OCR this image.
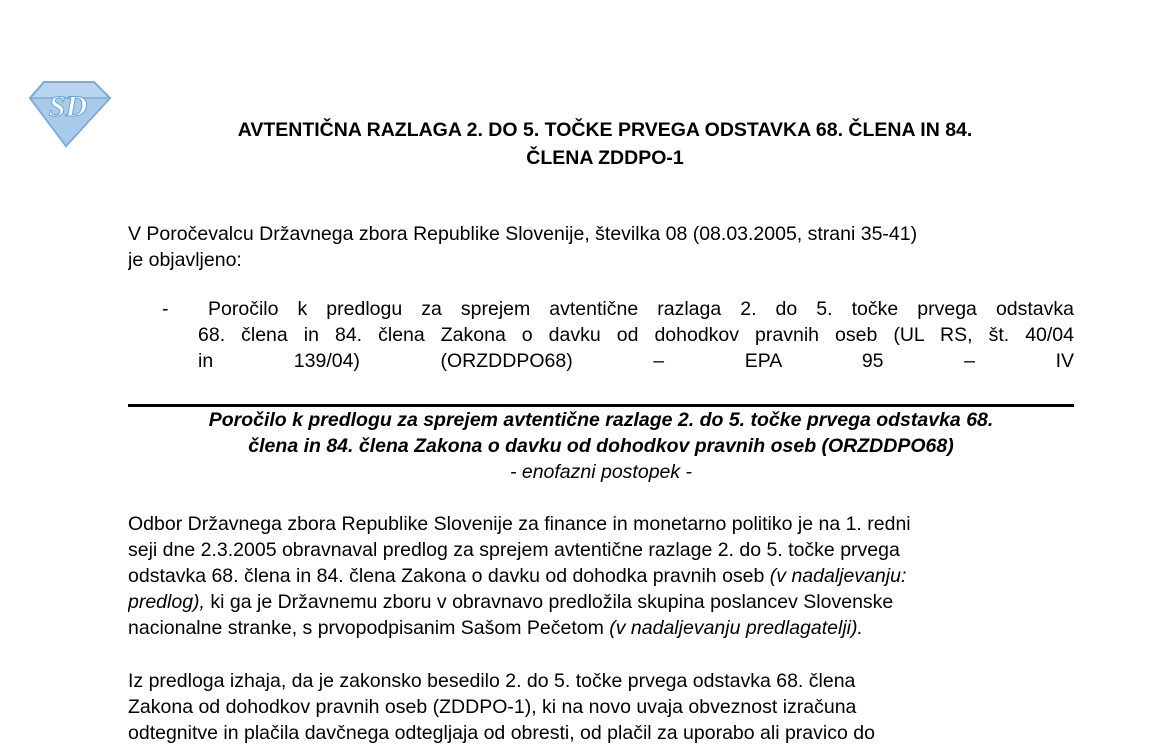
SD
AVTENTIČNA RAZLAGA 2. DO 5. TOČKE PRVEGA ODSTAVKA 68. ČLENA IN 84.
ČLENA ZDDPO-1

V Poročevalcu Državnega zbora Republike Slovenije, številka 08 (08.03.2005, strani 35-41)
je objavljeno:

-	Poročilo k predlogu za sprejem avtentične razlaga 2. do 5. točke prvega odstavka
68. člena in 84. člena Zakona o davku od dohodkov pravnih oseb (UL RS, št. 40/04
in 139/04) (ORZDDPO68) – EPA 95 – IV
Poročilo k predlogu za sprejem avtentične razlage 2. do 5. točke prvega odstavka 68.
člena in 84. člena Zakona o davku od dohodkov pravnih oseb (ORZDDPO68)
- enofazni postopek -

Odbor Državnega zbora Republike Slovenije za finance in monetarno politiko je na 1. redni
seji dne 2.3.2005 obravnaval predlog za sprejem avtentične razlage 2. do 5. točke prvega
odstavka 68. člena in 84. člena Zakona o davku od dohodka pravnih oseb (v nadaljevanju:
predlog), ki ga je Državnemu zboru v obravnavo predložila skupina poslancev Slovenske
nacionalne stranke, s prvopodpisanim Sašom Pečetom (v nadaljevanju predlagatelji).

Iz predloga izhaja, da je zakonsko besedilo 2. do 5. točke prvega odstavka 68. člena
Zakona od dohodkov pravnih oseb (ZDDPO-1), ki na novo uvaja obveznost izračuna
odtegnitve in plačila davčnega odtegljaja od obresti, od plačil za uporabo ali pravico do
